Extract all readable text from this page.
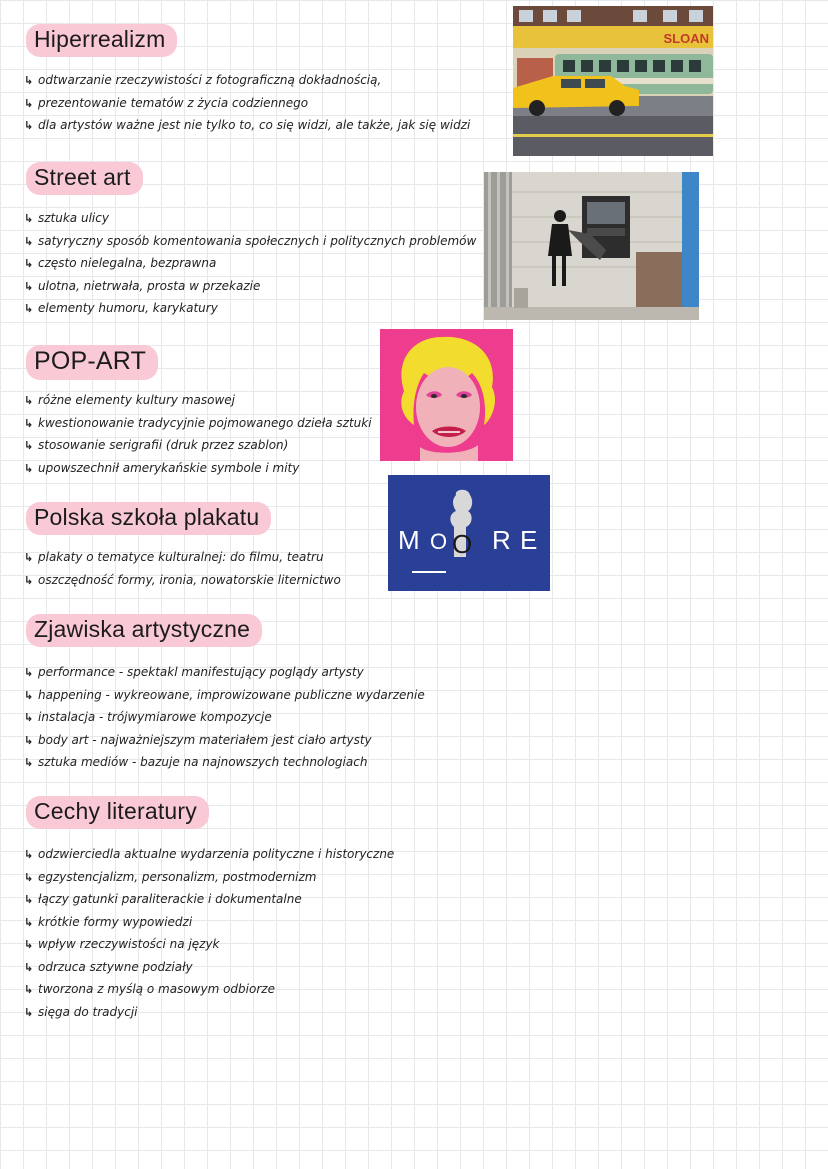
Hiperrealizm
↳ odtwarzanie rzeczywistości z fotograficzną dokładnością,
↳ prezentowanie tematów z życia codziennego
↳ dla artystów ważne jest nie tylko to, co się widzi, ale także, jak się widzi
SLOAN
Street art
↳ sztuka ulicy
↳ satyryczny sposób komentowania społecznych i politycznych problemów
↳ często nielegalna, bezprawna
↳ ulotna, nietrwała, prosta w przekazie
↳ elementy humoru, karykatury
POP-ART
↳ różne elementy kultury masowej
↳ kwestionowanie tradycyjnie pojmowanego dzieła sztuki
↳ stosowanie serigrafii (druk przez szablon)
↳ upowszechnił amerykańskie symbole i mity
Polska szkoła plakatu
↳ plakaty o tematyce kulturalnej: do filmu, teatru
↳ oszczędność formy, ironia, nowatorskie liternictwo
M O O R E
Zjawiska artystyczne
↳ performance - spektakl manifestujący poglądy artysty
↳ happening - wykreowane, improwizowane publiczne wydarzenie
↳ instalacja - trójwymiarowe kompozycje
↳ body art - najważniejszym materiałem jest ciało artysty
↳ sztuka mediów - bazuje na najnowszych technologiach
Cechy literatury
↳ odzwierciedla aktualne wydarzenia polityczne i historyczne
↳ egzystencjalizm, personalizm, postmodernizm
↳ łączy gatunki paraliterackie i dokumentalne
↳ krótkie formy wypowiedzi
↳ wpływ rzeczywistości na język
↳ odrzuca sztywne podziały
↳ tworzona z myślą o masowym odbiorze
↳ sięga do tradycji
